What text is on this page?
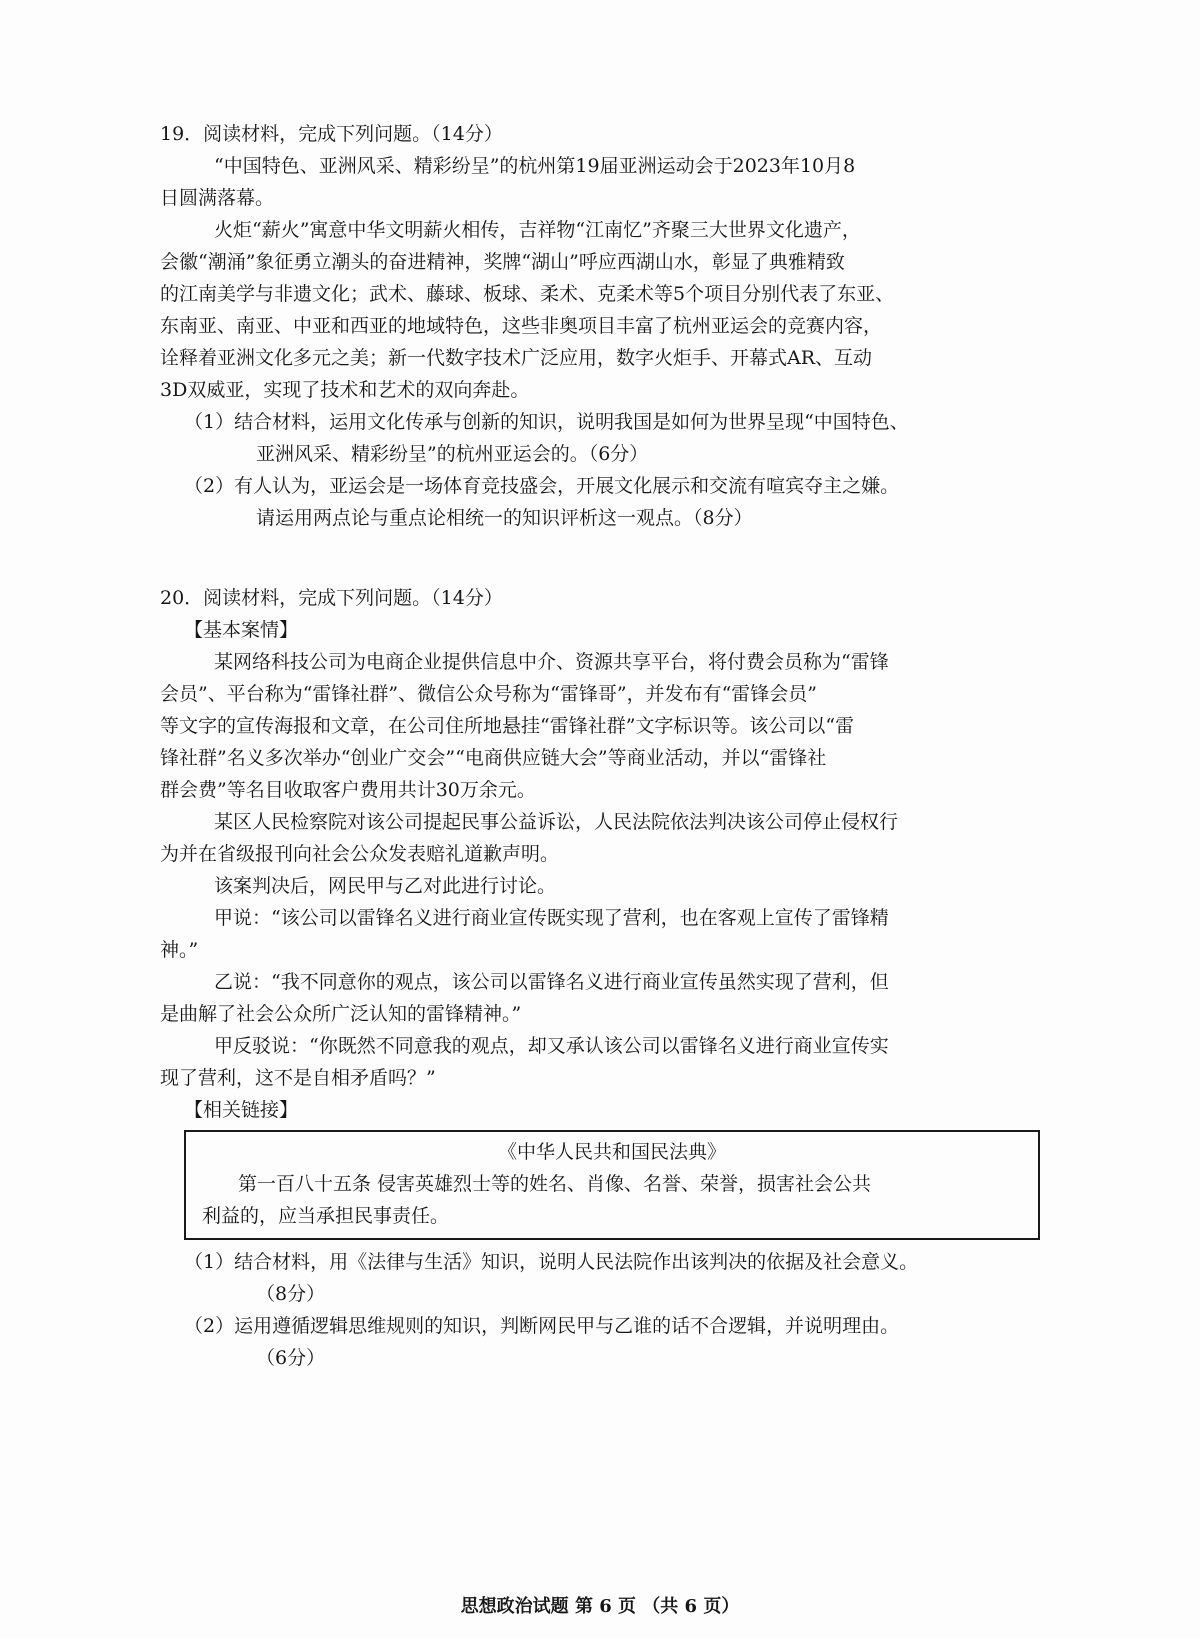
19．阅读材料，完成下列问题。（14分）
“中国特色、亚洲风采、精彩纷呈”的杭州第19届亚洲运动会于2023年10月8
日圆满落幕。
火炬“薪火”寓意中华文明薪火相传，吉祥物“江南忆”齐聚三大世界文化遗产，
会徽“潮涌”象征勇立潮头的奋进精神，奖牌“湖山”呼应西湖山水，彰显了典雅精致
的江南美学与非遗文化；武术、藤球、板球、柔术、克柔术等5个项目分别代表了东亚、
东南亚、南亚、中亚和西亚的地域特色，这些非奥项目丰富了杭州亚运会的竞赛内容，
诠释着亚洲文化多元之美；新一代数字技术广泛应用，数字火炬手、开幕式AR、互动
3D双威亚，实现了技术和艺术的双向奔赴。
（1）结合材料，运用文化传承与创新的知识，说明我国是如何为世界呈现“中国特色、
亚洲风采、精彩纷呈”的杭州亚运会的。（6分）
（2）有人认为，亚运会是一场体育竞技盛会，开展文化展示和交流有喧宾夺主之嫌。
请运用两点论与重点论相统一的知识评析这一观点。（8分）
20．阅读材料，完成下列问题。（14分）
【基本案情】
某网络科技公司为电商企业提供信息中介、资源共享平台，将付费会员称为“雷锋
会员”、平台称为“雷锋社群”、微信公众号称为“雷锋哥”，并发布有“雷锋会员”
等文字的宣传海报和文章，在公司住所地悬挂“雷锋社群”文字标识等。该公司以“雷
锋社群”名义多次举办“创业广交会”“电商供应链大会”等商业活动，并以“雷锋社
群会费”等名目收取客户费用共计30万余元。
某区人民检察院对该公司提起民事公益诉讼，人民法院依法判决该公司停止侵权行
为并在省级报刊向社会公众发表赔礼道歉声明。
该案判决后，网民甲与乙对此进行讨论。
甲说：“该公司以雷锋名义进行商业宣传既实现了营利，也在客观上宣传了雷锋精
神。”
乙说：“我不同意你的观点，该公司以雷锋名义进行商业宣传虽然实现了营利，但
是曲解了社会公众所广泛认知的雷锋精神。”
甲反驳说：“你既然不同意我的观点，却又承认该公司以雷锋名义进行商业宣传实
现了营利，这不是自相矛盾吗？”
【相关链接】
《中华人民共和国民法典》
第一百八十五条 侵害英雄烈士等的姓名、肖像、名誉、荣誉，损害社会公共
利益的，应当承担民事责任。
（1）结合材料，用《法律与生活》知识，说明人民法院作出该判决的依据及社会意义。
（8分）
（2）运用遵循逻辑思维规则的知识，判断网民甲与乙谁的话不合逻辑，并说明理由。
（6分）
思想政治试题 第 6 页 （共 6 页）
